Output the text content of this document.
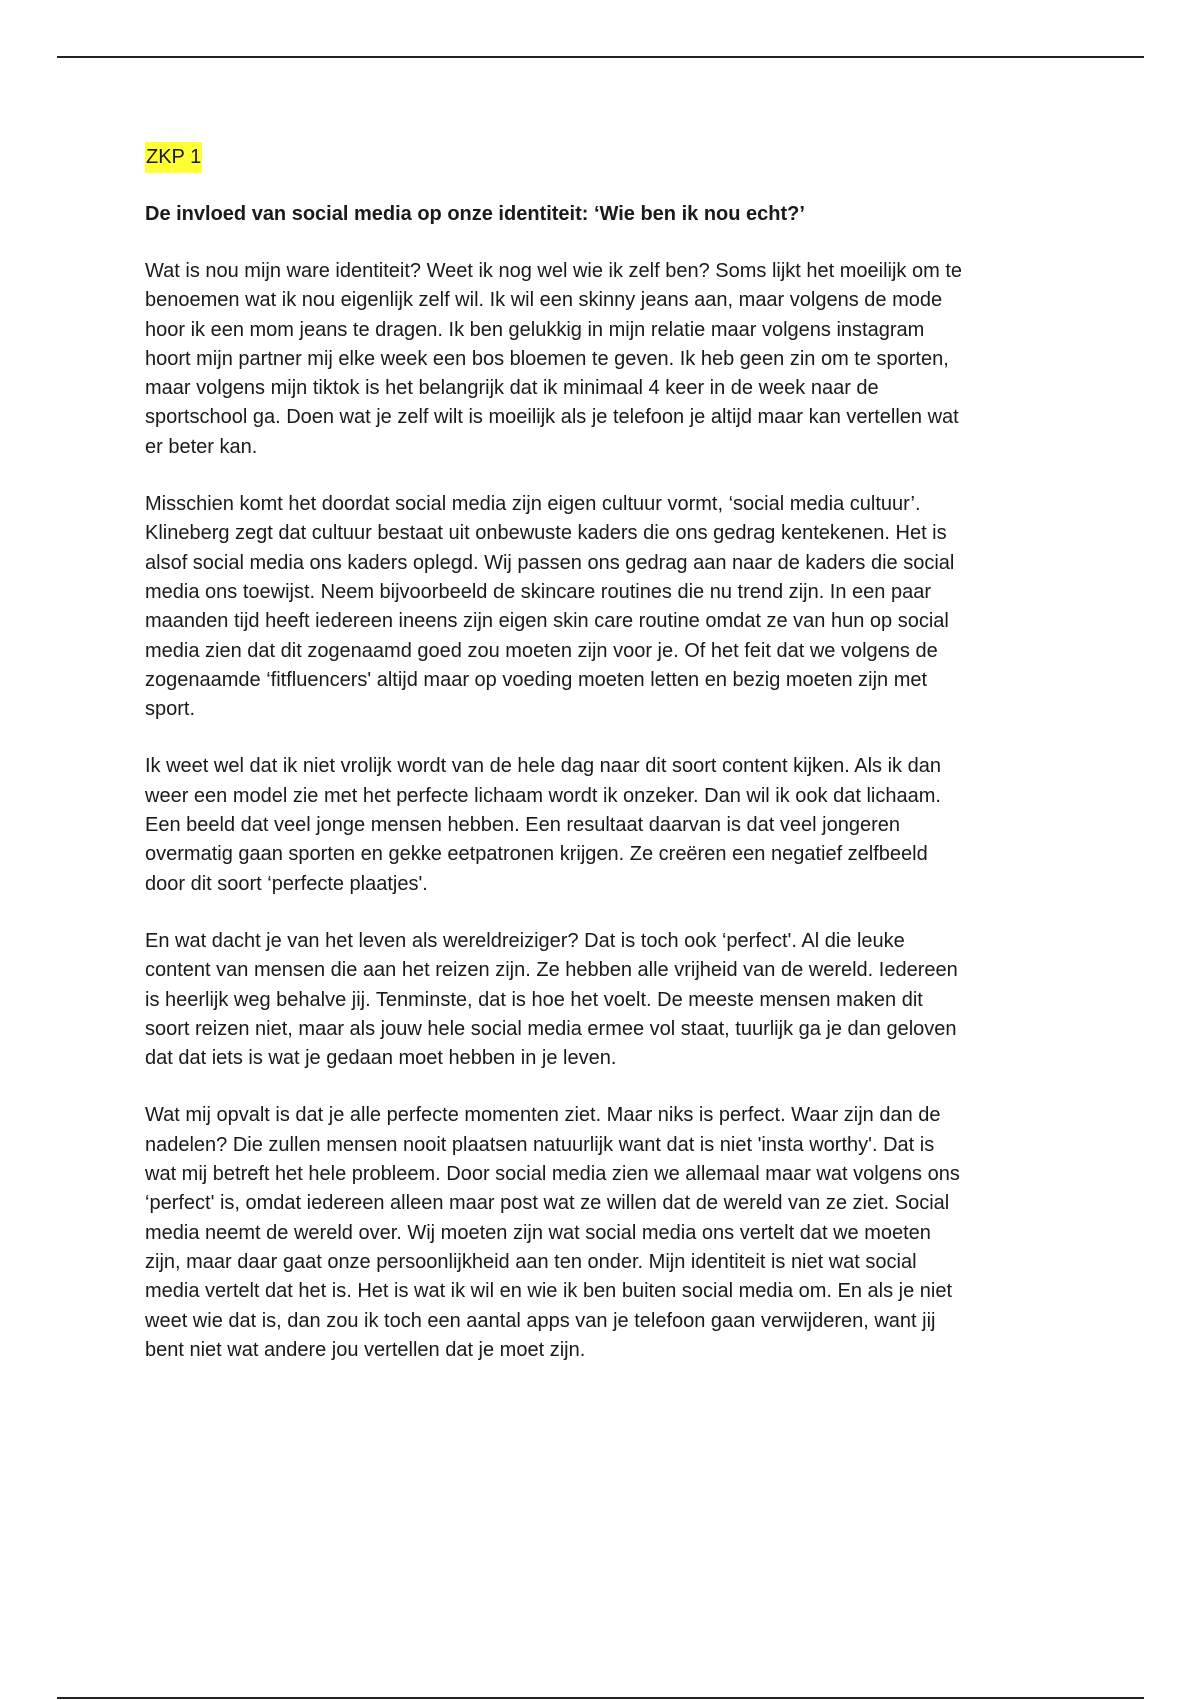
ZKP 1

De invloed van social media op onze identiteit: ‘Wie ben ik nou echt?’

Wat is nou mijn ware identiteit? Weet ik nog wel wie ik zelf ben? Soms lijkt het moeilijk om te
benoemen wat ik nou eigenlijk zelf wil. Ik wil een skinny jeans aan, maar volgens de mode
hoor ik een mom jeans te dragen. Ik ben gelukkig in mijn relatie maar volgens instagram
hoort mijn partner mij elke week een bos bloemen te geven. Ik heb geen zin om te sporten,
maar volgens mijn tiktok is het belangrijk dat ik minimaal 4 keer in de week naar de
sportschool ga. Doen wat je zelf wilt is moeilijk als je telefoon je altijd maar kan vertellen wat
er beter kan.

Misschien komt het doordat social media zijn eigen cultuur vormt, ‘social media cultuur’.
Klineberg zegt dat cultuur bestaat uit onbewuste kaders die ons gedrag kentekenen. Het is
alsof social media ons kaders oplegd. Wij passen ons gedrag aan naar de kaders die social
media ons toewijst. Neem bijvoorbeeld de skincare routines die nu trend zijn. In een paar
maanden tijd heeft iedereen ineens zijn eigen skin care routine omdat ze van hun op social
media zien dat dit zogenaamd goed zou moeten zijn voor je. Of het feit dat we volgens de
zogenaamde ‘fitfluencers' altijd maar op voeding moeten letten en bezig moeten zijn met
sport.

Ik weet wel dat ik niet vrolijk wordt van de hele dag naar dit soort content kijken. Als ik dan
weer een model zie met het perfecte lichaam wordt ik onzeker. Dan wil ik ook dat lichaam.
Een beeld dat veel jonge mensen hebben. Een resultaat daarvan is dat veel jongeren
overmatig gaan sporten en gekke eetpatronen krijgen. Ze creëren een negatief zelfbeeld
door dit soort ‘perfecte plaatjes'.

En wat dacht je van het leven als wereldreiziger? Dat is toch ook ‘perfect'. Al die leuke
content van mensen die aan het reizen zijn. Ze hebben alle vrijheid van de wereld. Iedereen
is heerlijk weg behalve jij. Tenminste, dat is hoe het voelt. De meeste mensen maken dit
soort reizen niet, maar als jouw hele social media ermee vol staat, tuurlijk ga je dan geloven
dat dat iets is wat je gedaan moet hebben in je leven.

Wat mij opvalt is dat je alle perfecte momenten ziet. Maar niks is perfect. Waar zijn dan de
nadelen? Die zullen mensen nooit plaatsen natuurlijk want dat is niet 'insta worthy'. Dat is
wat mij betreft het hele probleem. Door social media zien we allemaal maar wat volgens ons
‘perfect' is, omdat iedereen alleen maar post wat ze willen dat de wereld van ze ziet. Social
media neemt de wereld over. Wij moeten zijn wat social media ons vertelt dat we moeten
zijn, maar daar gaat onze persoonlijkheid aan ten onder. Mijn identiteit is niet wat social
media vertelt dat het is. Het is wat ik wil en wie ik ben buiten social media om. En als je niet
weet wie dat is, dan zou ik toch een aantal apps van je telefoon gaan verwijderen, want jij
bent niet wat andere jou vertellen dat je moet zijn.
